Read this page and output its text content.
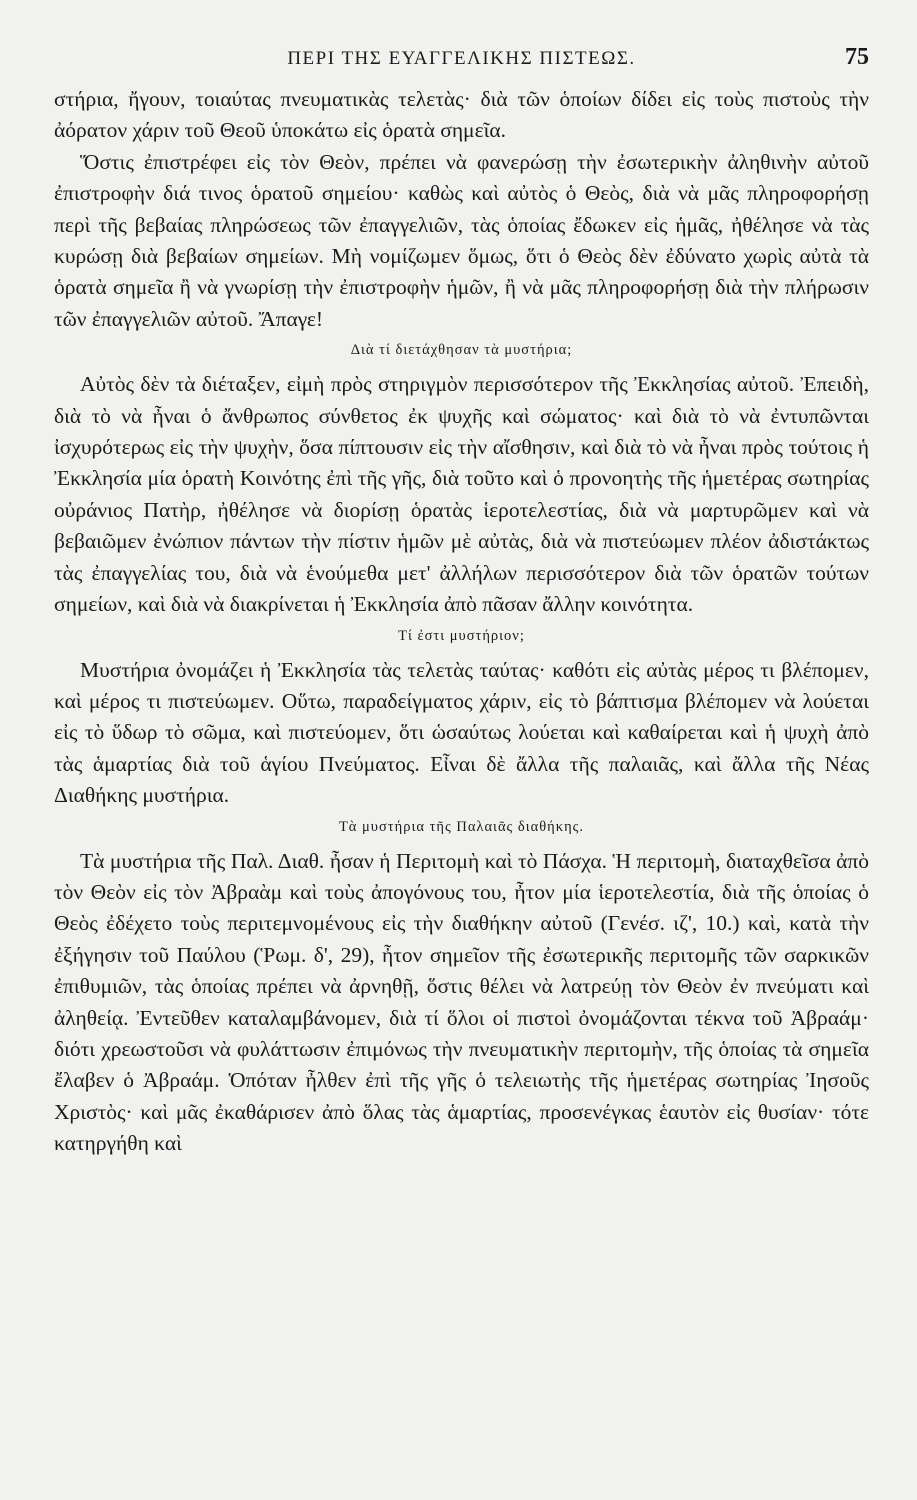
ΠΕΡΙ ΤΗΣ ΕΥΑΓΓΕΛΙΚΗΣ ΠΙΣΤΕΩΣ.	75

στήρια, ἤγουν, τοιαύτας πνευματικὰς τελετὰς· διὰ τῶν ὁποίων δίδει εἰς τοὺς πιστοὺς τὴν ἀόρατον χάριν τοῦ Θεοῦ ὑποκάτω εἰς ὁρατὰ σημεῖα.

Ὅστις ἐπιστρέφει εἰς τὸν Θεὸν, πρέπει νὰ φανερώσῃ τὴν ἐσωτερικὴν ἀληθινὴν αὐτοῦ ἐπιστροφὴν διά τινος ὁρατοῦ σημείου· καθὼς καὶ αὐτὸς ὁ Θεὸς, διὰ νὰ μᾶς πληροφορήσῃ περὶ τῆς βεβαίας πληρώσεως τῶν ἐπαγγελιῶν, τὰς ὁποίας ἔδωκεν εἰς ἡμᾶς, ἠθέλησε νὰ τὰς κυρώσῃ διὰ βεβαίων σημείων. Μὴ νομίζωμεν ὅμως, ὅτι ὁ Θεὸς δὲν ἐδύνατο χωρὶς αὐτὰ τὰ ὁρατὰ σημεῖα ἢ νὰ γνωρίσῃ τὴν ἐπιστροφὴν ἡμῶν, ἢ νὰ μᾶς πληροφορήσῃ διὰ τὴν πλήρωσιν τῶν ἐπαγγελιῶν αὐτοῦ. Ἄπαγε!

Διὰ τί διετάχθησαν τὰ μυστήρια;

Αὐτὸς δὲν τὰ διέταξεν, εἰμὴ πρὸς στηριγμὸν περισσότερον τῆς Ἐκκλησίας αὐτοῦ. Ἐπειδὴ, διὰ τὸ νὰ ἦναι ὁ ἄνθρωπος σύνθετος ἐκ ψυχῆς καὶ σώματος· καὶ διὰ τὸ νὰ ἐντυπῶνται ἰσχυρότερως εἰς τὴν ψυχὴν, ὅσα πίπτουσιν εἰς τὴν αἴσθησιν, καὶ διὰ τὸ νὰ ἦναι πρὸς τούτοις ἡ Ἐκκλησία μία ὁρατὴ Κοινότης ἐπὶ τῆς γῆς, διὰ τοῦτο καὶ ὁ προνοητὴς τῆς ἡμετέρας σωτηρίας οὐράνιος Πατὴρ, ἠθέλησε νὰ διορίσῃ ὁρατὰς ἱεροτελεστίας, διὰ νὰ μαρτυρῶμεν καὶ νὰ βεβαιῶμεν ἐνώπιον πάντων τὴν πίστιν ἡμῶν μὲ αὐτὰς, διὰ νὰ πιστεύωμεν πλέον ἀδιστάκτως τὰς ἐπαγγελίας του, διὰ νὰ ἑνούμεθα μετ' ἀλλήλων περισσότερον διὰ τῶν ὁρατῶν τούτων σημείων, καὶ διὰ νὰ διακρίνεται ἡ Ἐκκλησία ἀπὸ πᾶσαν ἄλλην κοινότητα.

Τί ἐστι μυστήριον;

Μυστήρια ὀνομάζει ἡ Ἐκκλησία τὰς τελετὰς ταύτας· καθότι εἰς αὐτὰς μέρος τι βλέπομεν, καὶ μέρος τι πιστεύωμεν. Οὕτω, παραδείγματος χάριν, εἰς τὸ βάπτισμα βλέπομεν νὰ λούεται εἰς τὸ ὕδωρ τὸ σῶμα, καὶ πιστεύομεν, ὅτι ὡσαύτως λούεται καὶ καθαίρεται καὶ ἡ ψυχὴ ἀπὸ τὰς ἁμαρτίας διὰ τοῦ ἁγίου Πνεύματος. Εἶναι δὲ ἄλλα τῆς παλαιᾶς, καὶ ἄλλα τῆς Νέας Διαθήκης μυστήρια.

Τὰ μυστήρια τῆς Παλαιᾶς διαθήκης.

Τὰ μυστήρια τῆς Παλ. Διαθ. ἦσαν ἡ Περιτομὴ καὶ τὸ Πάσχα. Ἡ περιτομὴ, διαταχθεῖσα ἀπὸ τὸν Θεὸν εἰς τὸν Ἀβραὰμ καὶ τοὺς ἀπογόνους του, ἦτον μία ἱεροτελεστία, διὰ τῆς ὁποίας ὁ Θεὸς ἐδέχετο τοὺς περιτεμνομένους εἰς τὴν διαθήκην αὐτοῦ (Γενέσ. ιζ', 10.) καὶ, κατὰ τὴν ἐξήγησιν τοῦ Παύλου (Ῥωμ. δ', 29), ἦτον σημεῖον τῆς ἐσωτερικῆς περιτομῆς τῶν σαρκικῶν ἐπιθυμιῶν, τὰς ὁποίας πρέπει νὰ ἀρνηθῇ, ὅστις θέλει νὰ λατρεύῃ τὸν Θεὸν ἐν πνεύματι καὶ ἀληθείᾳ. Ἐντεῦθεν καταλαμβάνομεν, διὰ τί ὅλοι οἱ πιστοὶ ὀνομάζονται τέκνα τοῦ Ἀβραάμ· διότι χρεωστοῦσι νὰ φυλάττωσιν ἐπιμόνως τὴν πνευματικὴν περιτομὴν, τῆς ὁποίας τὰ σημεῖα ἔλαβεν ὁ Ἀβραάμ. Ὁπόταν ἦλθεν ἐπὶ τῆς γῆς ὁ τελειωτὴς τῆς ἡμετέρας σωτηρίας Ἰησοῦς Χριστὸς· καὶ μᾶς ἐκαθάρισεν ἀπὸ ὅλας τὰς ἁμαρτίας, προσενέγκας ἑαυτὸν εἰς θυσίαν· τότε κατηργήθη καὶ
